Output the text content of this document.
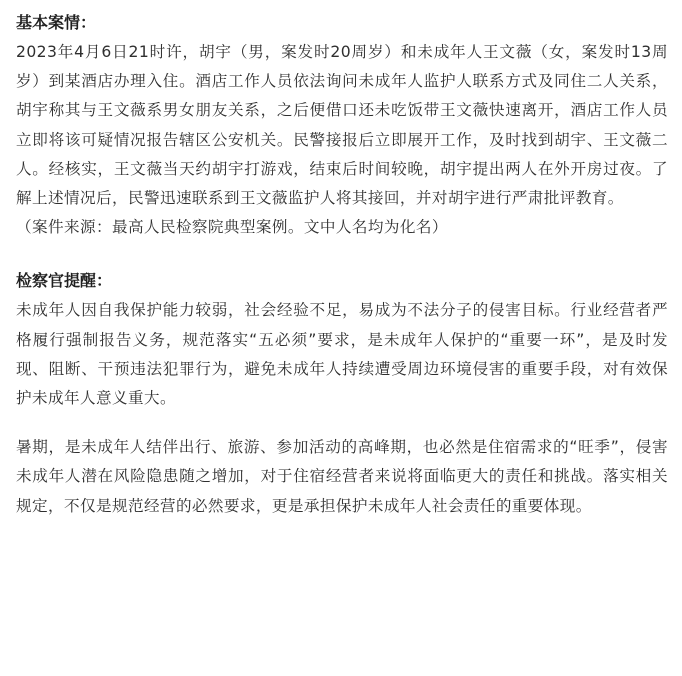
基本案情：

2023年4月6日21时许，胡宇（男，案发时20周岁）和未成年人王文薇（女，案发时13周岁）到某酒店办理入住。酒店工作人员依法询问未成年人监护人联系方式及同住二人关系，胡宇称其与王文薇系男女朋友关系，之后便借口还未吃饭带王文薇快速离开，酒店工作人员立即将该可疑情况报告辖区公安机关。民警接报后立即展开工作，及时找到胡宇、王文薇二人。经核实，王文薇当天约胡宇打游戏，结束后时间较晚，胡宇提出两人在外开房过夜。了解上述情况后，民警迅速联系到王文薇监护人将其接回，并对胡宇进行严肃批评教育。

（案件来源：最高人民检察院典型案例。文中人名均为化名）

检察官提醒：

未成年人因自我保护能力较弱，社会经验不足，易成为不法分子的侵害目标。行业经营者严格履行强制报告义务，规范落实“五必须”要求，是未成年人保护的“重要一环”，是及时发现、阻断、干预违法犯罪行为，避免未成年人持续遭受周边环境侵害的重要手段，对有效保护未成年人意义重大。

暑期，是未成年人结伴出行、旅游、参加活动的高峰期，也必然是住宿需求的“旺季”，侵害未成年人潜在风险隐患随之增加，对于住宿经营者来说将面临更大的责任和挑战。落实相关规定，不仅是规范经营的必然要求，更是承担保护未成年人社会责任的重要体现。
